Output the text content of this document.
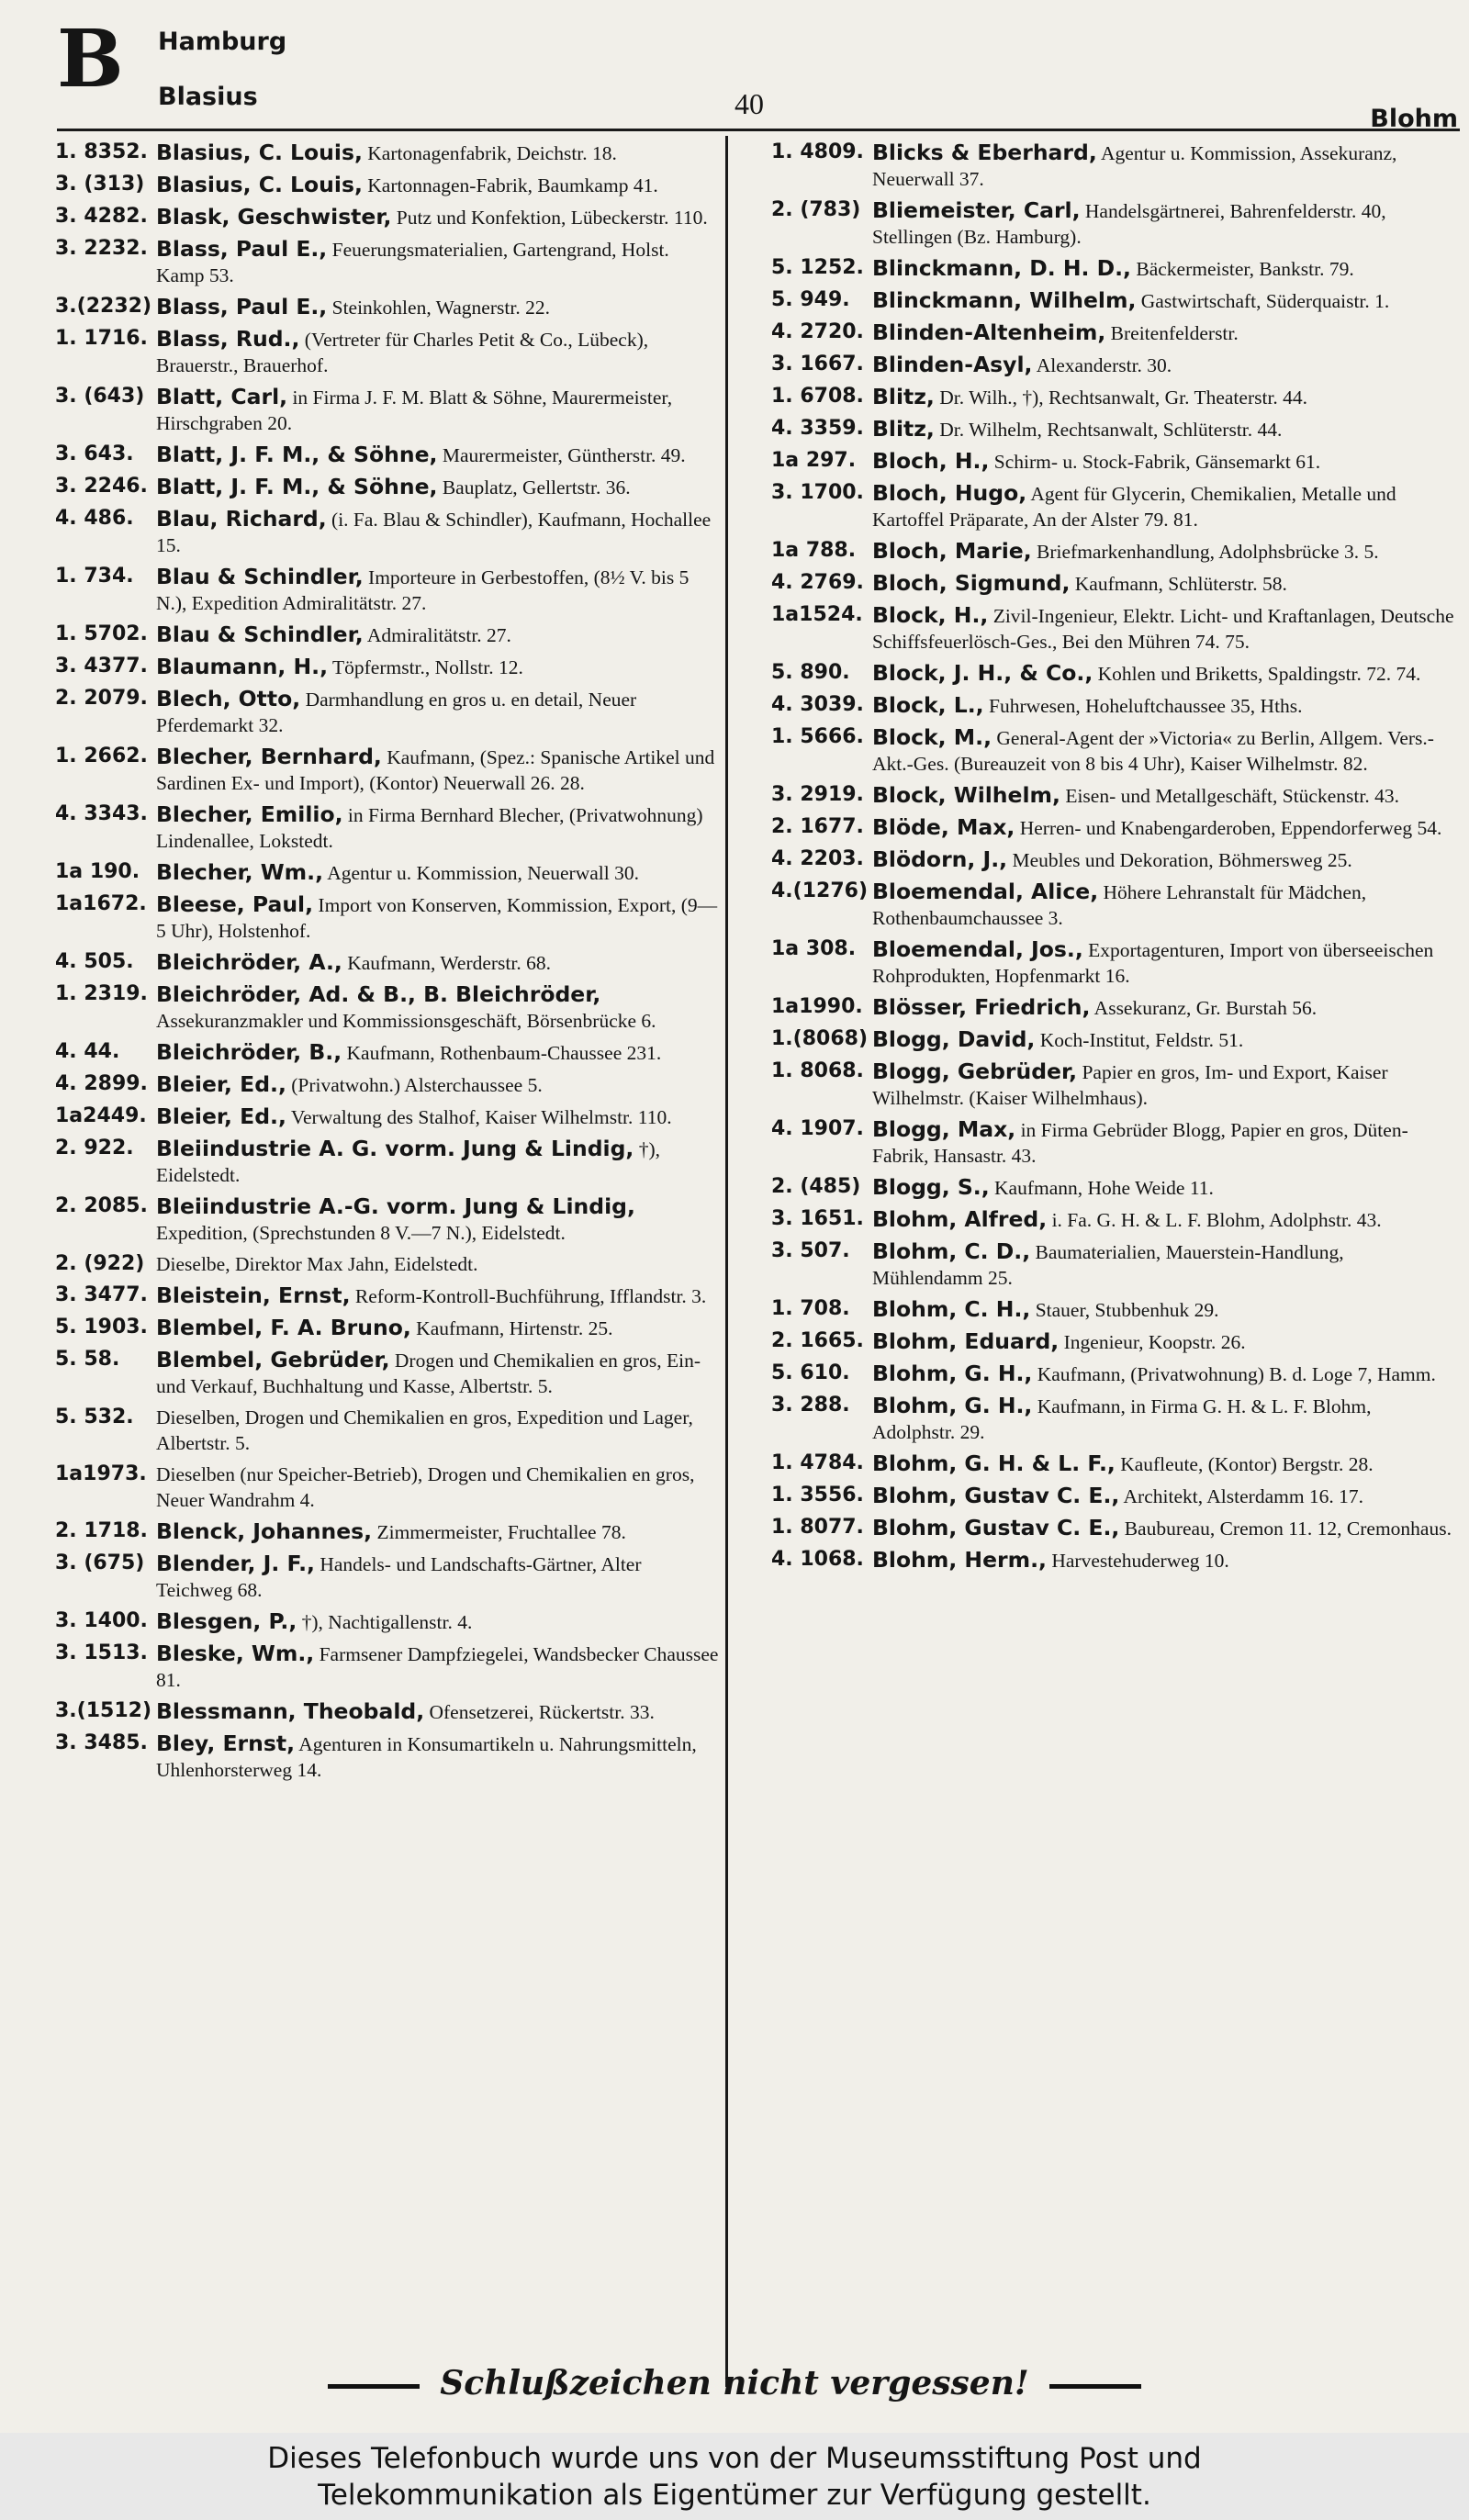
B Hamburg
Blasius	40	Blohm
1. 8352. Blasius, C. Louis, Kartonagenfabrik, Deichstr. 18.
3. (313) Blasius, C. Louis, Kartonnagen-Fabrik, Baumkamp 41.
3. 4282. Blask, Geschwister, Putz und Konfektion, Lübeckerstr. 110.
3. 2232. Blass, Paul E., Feuerungsmaterialien, Gartengrand, Holst. Kamp 53.
3.(2232) Blass, Paul E., Steinkohlen, Wagnerstr. 22.
1. 1716. Blass, Rud., (Vertreter für Charles Petit & Co., Lübeck), Brauerstr., Brauerhof.
3. (643) Blatt, Carl, in Firma J. F. M. Blatt & Söhne, Maurermeister, Hirschgraben 20.
3. 643. Blatt, J. F. M., & Söhne, Maurermeister, Güntherstr. 49.
3. 2246. Blatt, J. F. M., & Söhne, Bauplatz, Gellertstr. 36.
4. 486. Blau, Richard, (i. Fa. Blau & Schindler), Kaufmann, Hochallee 15.
1. 734. Blau & Schindler, Importeure in Gerbestoffen, (8½ V. bis 5 N.), Expedition Admiralitätstr. 27.
1. 5702. Blau & Schindler, Admiralitätstr. 27.
3. 4377. Blaumann, H., Töpfermstr., Nollstr. 12.
2. 2079. Blech, Otto, Darmhandlung en gros u. en detail, Neuer Pferdemarkt 32.
1. 2662. Blecher, Bernhard, Kaufmann, (Spez.: Spanische Artikel und Sardinen Ex- und Import), (Kontor) Neuerwall 26. 28.
4. 3343. Blecher, Emilio, in Firma Bernhard Blecher, (Privatwohnung) Lindenallee, Lokstedt.
1a 190. Blecher, Wm., Agentur u. Kommission, Neuerwall 30.
1a1672. Bleese, Paul, Import von Konserven, Kommission, Export, (9—5 Uhr), Holstenhof.
4. 505. Bleichröder, A., Kaufmann, Werderstr. 68.
1. 2319. Bleichröder, Ad. & B., B. Bleichröder, Assekuranzmakler und Kommissionsgeschäft, Börsenbrücke 6.
4. 44. Bleichröder, B., Kaufmann, Rothenbaum-Chaussee 231.
4. 2899. Bleier, Ed., (Privatwohn.) Alsterchaussee 5.
1a2449. Bleier, Ed., Verwaltung des Stalhof, Kaiser Wilhelmstr. 110.
2. 922. Bleiindustrie A. G. vorm. Jung & Lindig, †), Eidelstedt.
2. 2085. Bleiindustrie A.-G. vorm. Jung & Lindig, Expedition, (Sprechstunden 8 V.—7 N.), Eidelstedt.
2. (922) Dieselbe, Direktor Max Jahn, Eidelstedt.
3. 3477. Bleistein, Ernst, Reform-Kontroll-Buchführung, Ifflandstr. 3.
5. 1903. Blembel, F. A. Bruno, Kaufmann, Hirtenstr. 25.
5. 58. Blembel, Gebrüder, Drogen und Chemikalien en gros, Ein- und Verkauf, Buchhaltung und Kasse, Albertstr. 5.
5. 532. Dieselben, Drogen und Chemikalien en gros, Expedition und Lager, Albertstr. 5.
1a1973. Dieselben (nur Speicher-Betrieb), Drogen und Chemikalien en gros, Neuer Wandrahm 4.
2. 1718. Blenck, Johannes, Zimmermeister, Fruchtallee 78.
3. (675) Blender, J. F., Handels- und Landschafts-Gärtner, Alter Teichweg 68.
3. 1400. Blesgen, P., †), Nachtigallenstr. 4.
3. 1513. Bleske, Wm., Farmsener Dampfziegelei, Wandsbecker Chaussee 81.
3.(1512) Blessmann, Theobald, Ofensetzerei, Rückertstr. 33.
3. 3485. Bley, Ernst, Agenturen in Konsumartikeln u. Nahrungsmitteln, Uhlenhorsterweg 14.
1. 4809. Blicks & Eberhard, Agentur u. Kommission, Assekuranz, Neuerwall 37.
2. (783) Bliemeister, Carl, Handelsgärtnerei, Bahrenfelderstr. 40, Stellingen (Bz. Hamburg).
5. 1252. Blinckmann, D. H. D., Bäckermeister, Bankstr. 79.
5. 949. Blinckmann, Wilhelm, Gastwirtschaft, Süderquaistr. 1.
4. 2720. Blinden-Altenheim, Breitenfelderstr.
3. 1667. Blinden-Asyl, Alexanderstr. 30.
1. 6708. Blitz, Dr. Wilh., †), Rechtsanwalt, Gr. Theaterstr. 44.
4. 3359. Blitz, Dr. Wilhelm, Rechtsanwalt, Schlüterstr. 44.
1a 297. Bloch, H., Schirm- u. Stock-Fabrik, Gänsemarkt 61.
3. 1700. Bloch, Hugo, Agent für Glycerin, Chemikalien, Metalle und Kartoffel Präparate, An der Alster 79. 81.
1a 788. Bloch, Marie, Briefmarkenhandlung, Adolphsbrücke 3. 5.
4. 2769. Bloch, Sigmund, Kaufmann, Schlüterstr. 58.
1a1524. Block, H., Zivil-Ingenieur, Elektr. Licht- und Kraftanlagen, Deutsche Schiffsfeuerlösch-Ges., Bei den Mühren 74. 75.
5. 890. Block, J. H., & Co., Kohlen und Briketts, Spaldingstr. 72. 74.
4. 3039. Block, L., Fuhrwesen, Hoheluftchaussee 35, Hths.
1. 5666. Block, M., General-Agent der »Victoria« zu Berlin, Allgem. Vers.-Akt.-Ges. (Bureauzeit von 8 bis 4 Uhr), Kaiser Wilhelmstr. 82.
3. 2919. Block, Wilhelm, Eisen- und Metallgeschäft, Stückenstr. 43.
2. 1677. Blöde, Max, Herren- und Knabengarderoben, Eppendorferweg 54.
4. 2203. Blödorn, J., Meubles und Dekoration, Böhmersweg 25.
4.(1276) Bloemendal, Alice, Höhere Lehranstalt für Mädchen, Rothenbaumchaussee 3.
1a 308. Bloemendal, Jos., Exportagenturen, Import von überseeischen Rohprodukten, Hopfenmarkt 16.
1a1990. Blösser, Friedrich, Assekuranz, Gr. Burstah 56.
1.(8068) Blogg, David, Koch-Institut, Feldstr. 51.
1. 8068. Blogg, Gebrüder, Papier en gros, Im- und Export, Kaiser Wilhelmstr. (Kaiser Wilhelmhaus).
4. 1907. Blogg, Max, in Firma Gebrüder Blogg, Papier en gros, Düten-Fabrik, Hansastr. 43.
2. (485) Blogg, S., Kaufmann, Hohe Weide 11.
3. 1651. Blohm, Alfred, i. Fa. G. H. & L. F. Blohm, Adolphstr. 43.
3. 507. Blohm, C. D., Baumaterialien, Mauerstein-Handlung, Mühlendamm 25.
1. 708. Blohm, C. H., Stauer, Stubbenhuk 29.
2. 1665. Blohm, Eduard, Ingenieur, Koopstr. 26.
5. 610. Blohm, G. H., Kaufmann, (Privatwohnung) B. d. Loge 7, Hamm.
3. 288. Blohm, G. H., Kaufmann, in Firma G. H. & L. F. Blohm, Adolphstr. 29.
1. 4784. Blohm, G. H. & L. F., Kaufleute, (Kontor) Bergstr. 28.
1. 3556. Blohm, Gustav C. E., Architekt, Alsterdamm 16. 17.
1. 8077. Blohm, Gustav C. E., Baubureau, Cremon 11. 12, Cremonhaus.
4. 1068. Blohm, Herm., Harvestehuderweg 10.
Schlußzeichen nicht vergessen!
Dieses Telefonbuch wurde uns von der Museumsstiftung Post und
Telekommunikation als Eigentümer zur Verfügung gestellt.
